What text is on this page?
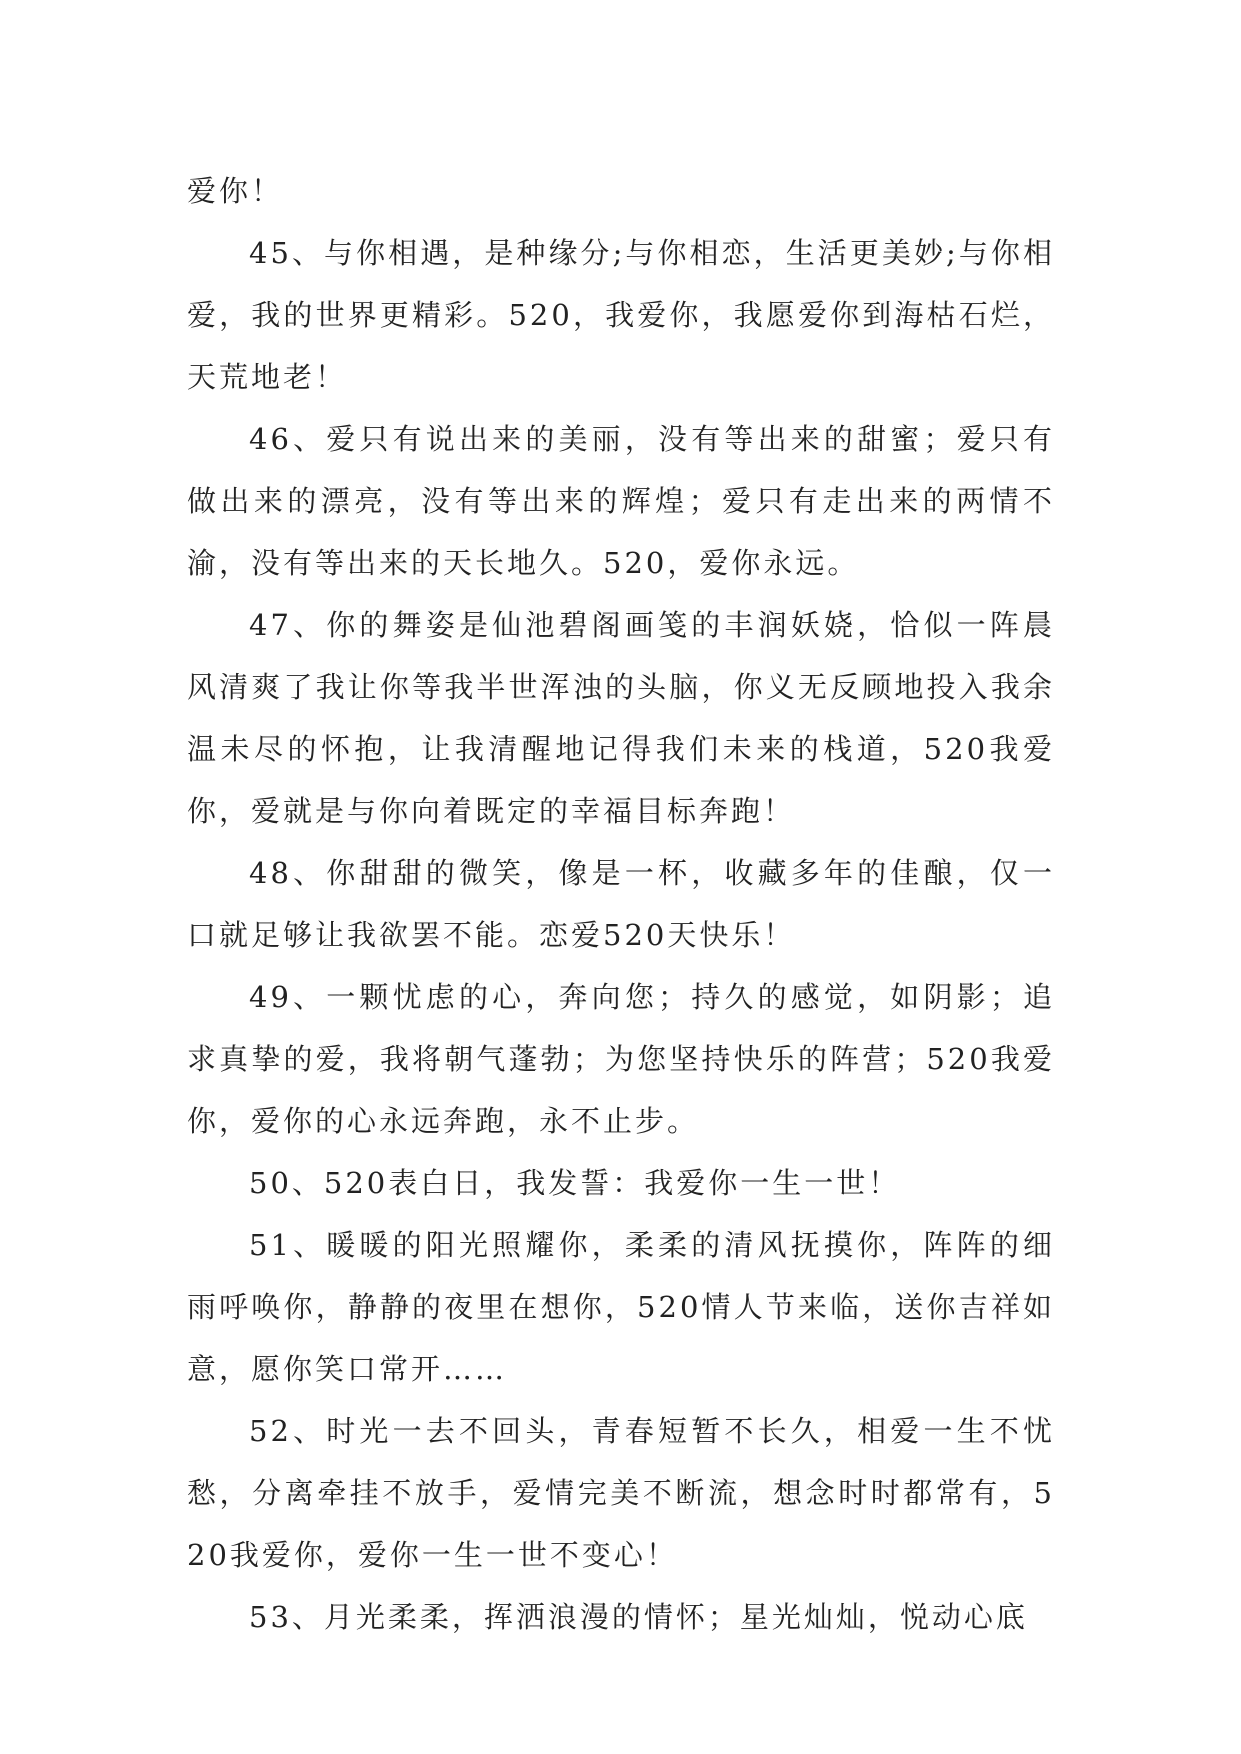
爱你！

45、与你相遇，是种缘分;与你相恋，生活更美妙;与你相爱，我的世界更精彩。520，我爱你，我愿爱你到海枯石烂，天荒地老！

46、爱只有说出来的美丽，没有等出来的甜蜜；爱只有做出来的漂亮，没有等出来的辉煌；爱只有走出来的两情不渝，没有等出来的天长地久。520，爱你永远。

47、你的舞姿是仙池碧阁画笺的丰润妖娆，恰似一阵晨风清爽了我让你等我半世浑浊的头脑，你义无反顾地投入我余温未尽的怀抱，让我清醒地记得我们未来的栈道，520我爱你，爱就是与你向着既定的幸福目标奔跑！

48、你甜甜的微笑，像是一杯，收藏多年的佳酿，仅一口就足够让我欲罢不能。恋爱520天快乐！

49、一颗忧虑的心，奔向您；持久的感觉，如阴影；追求真挚的爱，我将朝气蓬勃；为您坚持快乐的阵营；520我爱你，爱你的心永远奔跑，永不止步。

50、520表白日，我发誓：我爱你一生一世！

51、暖暖的阳光照耀你，柔柔的清风抚摸你，阵阵的细雨呼唤你，静静的夜里在想你，520情人节来临，送你吉祥如意，愿你笑口常开……

52、时光一去不回头，青春短暂不长久，相爱一生不忧愁，分离牵挂不放手，爱情完美不断流，想念时时都常有，520我爱你，爱你一生一世不变心！

53、月光柔柔，挥洒浪漫的情怀；星光灿灿，悦动心底
